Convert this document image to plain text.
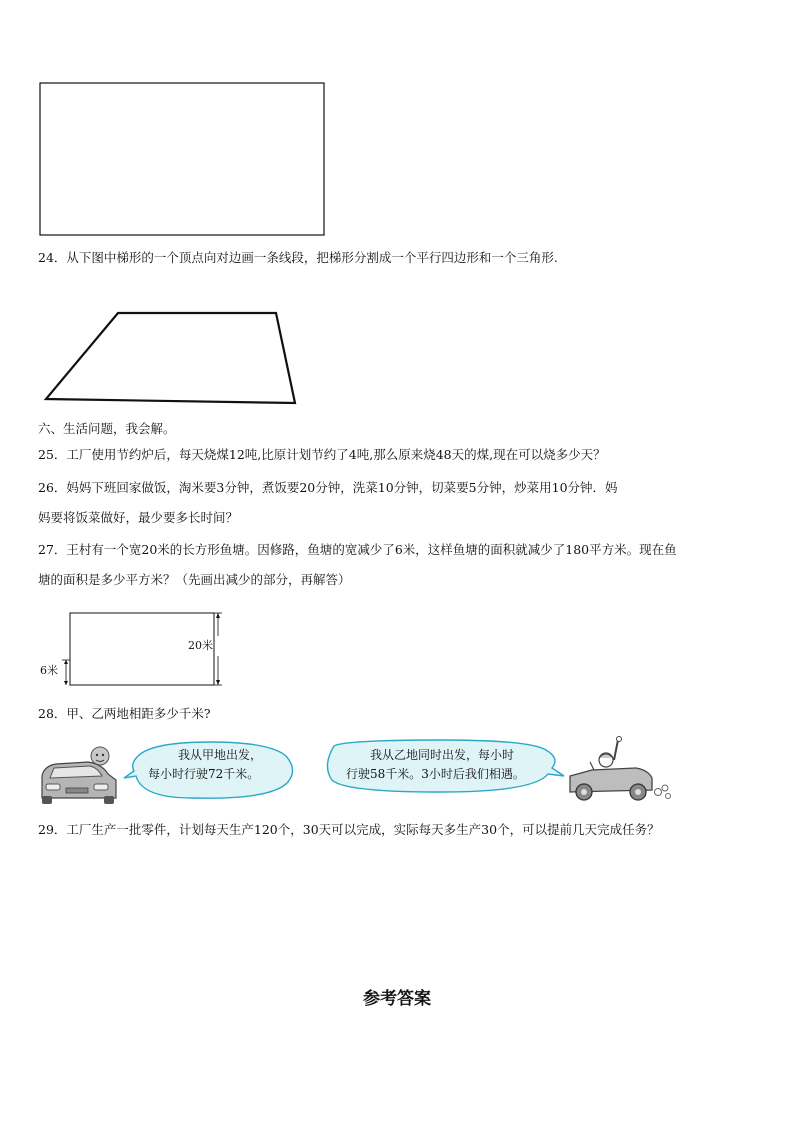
24．从下图中梯形的一个顶点向对边画一条线段，把梯形分割成一个平行四边形和一个三角形.
六、生活问题，我会解。
25．工厂使用节约炉后，每天烧煤12吨,比原计划节约了4吨,那么原来烧48天的煤,现在可以烧多少天？
26．妈妈下班回家做饭，淘米要3分钟，煮饭要20分钟，洗菜10分钟，切菜要5分钟，炒菜用10分钟．妈
妈要将饭菜做好，最少要多长时间？
27．王村有一个宽20米的长方形鱼塘。因修路，鱼塘的宽减少了6米，这样鱼塘的面积就减少了180平方米。现在鱼
塘的面积是多少平方米？（先画出减少的部分，再解答）
20米
6米
28．甲、乙两地相距多少千米?
我从甲地出发，
每小时行驶72千米。
我从乙地同时出发，每小时
行驶58千米。3小时后我们相遇。
29．工厂生产一批零件，计划每天生产120个，30天可以完成，实际每天多生产30个，可以提前几天完成任务？
参考答案
